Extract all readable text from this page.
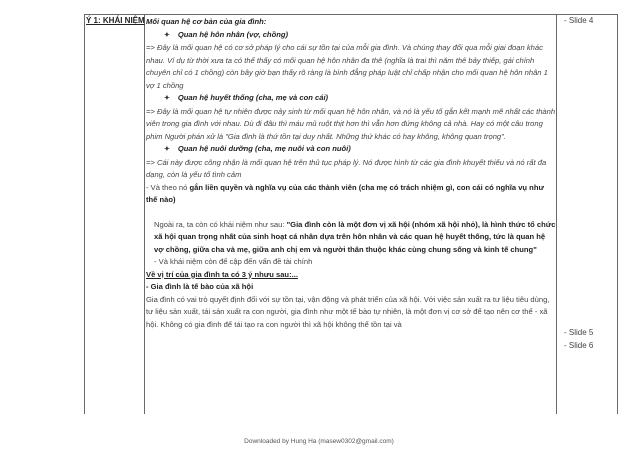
Ý 1: KHÁI NIỆM Mối quan hệ cơ bản của gia đình:

✦ Quan hệ hôn nhân (vợ, chồng)

=> Đây là mối quan hệ có cơ sở pháp lý cho cái sự tồn tại của mỗi gia đình. Và chúng thay đổi qua mỗi giai đoạn khác nhau. Ví dụ từ thời xưa ta có thể thấy có mối quan hệ hôn nhân đa thê (nghĩa là trai thì năm thê bảy thiếp, gái chính chuyên chỉ có 1 chồng) còn bây giờ bạn thấy rõ ràng là bình đẳng pháp luật chỉ chấp nhận cho mối quan hệ hôn nhân 1 vợ 1 chồng

✦ Quan hệ huyết thống (cha, mẹ và con cái)

=> Đây là mối quan hệ tự nhiên được nảy sinh từ mối quan hệ hôn nhân, và nó là yếu tố gắn kết mạnh mẽ nhất các thành viên trong gia đình với nhau. Dù đi đâu thì máu mủ ruột thịt hơn thì vẫn hơn đứng không cả nhà. Hay có một câu trong phim Người phán xử là "Gia đình là thứ tồn tại duy nhất. Những thứ khác có hay không, không quan trọng".

✦ Quan hệ nuôi dưỡng (cha, mẹ nuôi và con nuôi)

=> Cái này được công nhận là mối quan hệ trên thủ tục pháp lý. Nó được hình từ các gia đình khuyết thiếu và nó rất đa dạng, còn là yếu tố tình cảm

- Và theo nó gắn liền quyền và nghĩa vụ của các thành viên (cha mẹ có trách nhiệm gì, con cái có nghĩa vụ như thế nào)

Ngoài ra, ta còn có khái niệm như sau: "Gia đình còn là một đơn vị xã hội (nhóm xã hội nhỏ), là hình thức tổ chức xã hội quan trọng nhất của sinh hoạt cá nhân dựa trên hôn nhân và các quan hệ huyết thống, tức là quan hệ vợ chồng, giữa cha và mẹ, giữa anh chị em và người thân thuộc khác cùng chung sống và kinh tế chung"

- Và khái niệm còn để cập đến vấn đề tài chính

Về vị trí của gia đình ta có 3 ý nhưu sau:...

- Gia đình là tế bào của xã hội

Gia đình có vai trò quyết định đối với sự tồn tại, vận động và phát triển của xã hội. Với việc sản xuất ra tư liệu tiêu dùng, tư liệu sản xuất, tái sản xuất ra con người, gia đình như một tế bào tự nhiên, là một đơn vị cơ sở để tạo nên cơ thể - xã hội. Không có gia đình để tái tạo ra con người thì xã hội không thể tồn tại và

- Slide 4
- Slide 5
- Slide 6
Downloaded by Hung Ha (masew0302@gmail.com)
